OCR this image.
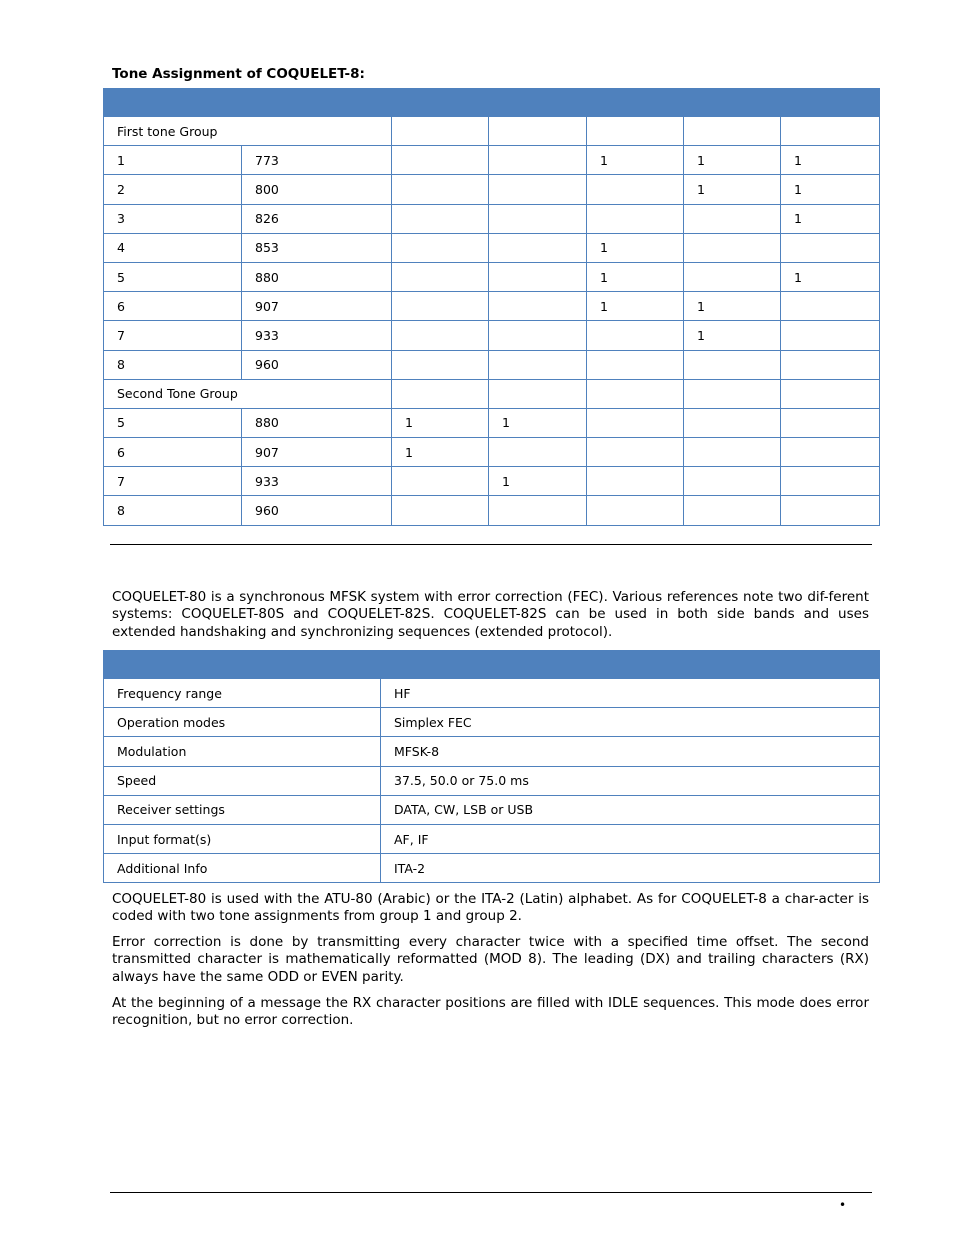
Tone Assignment of COQUELET-8:

First tone Group						
1	773			1	1	1
2	800				1	1
3	826					1
4	853			1		
5	880			1		1
6	907			1	1	
7	933				1	
8	960					
Second Tone Group						
5	880	1	1			
6	907	1				
7	933		1			
8	960					

COQUELET-80 is a synchronous MFSK system with error correction (FEC). Various references note two dif-ferent systems: COQUELET-80S and COQUELET-82S. COQUELET-82S can be used in both side bands and uses extended handshaking and synchronizing sequences (extended protocol).

Frequency range	HF
Operation modes	Simplex FEC
Modulation	MFSK-8
Speed	37.5, 50.0 or 75.0 ms
Receiver settings	DATA, CW, LSB or USB
Input format(s)	AF, IF
Additional Info	ITA-2

COQUELET-80 is used with the ATU-80 (Arabic) or the ITA-2 (Latin) alphabet. As for COQUELET-8 a char-acter is coded with two tone assignments from group 1 and group 2.

Error correction is done by transmitting every character twice with a specified time offset. The second transmitted character is mathematically reformatted (MOD 8). The leading (DX) and trailing characters (RX) always have the same ODD or EVEN parity.

At the beginning of a message the RX character positions are filled with IDLE sequences. This mode does error recognition, but no error correction.

•
